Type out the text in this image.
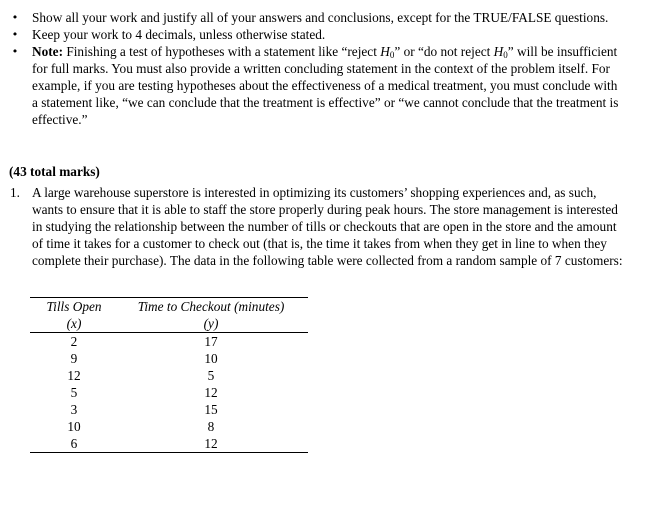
• Show all your work and justify all of your answers and conclusions, except for the TRUE/FALSE questions.

• Keep your work to 4 decimals, unless otherwise stated.

• Note: Finishing a test of hypotheses with a statement like “reject $H_0$” or “do not reject $H_0$” will be insufficient for full marks. You must also provide a written concluding statement in the context of the problem itself. For example, if you are testing hypotheses about the effectiveness of a medical treatment, you must conclude with a statement like, “we can conclude that the treatment is effective” or “we cannot conclude that the treatment is effective.”

(43 total marks)
1. A large warehouse superstore is interested in optimizing its customers’ shopping experiences and, as such, wants to ensure that it is able to staff the store properly during peak hours. The store management is interested in studying the relationship between the number of tills or checkouts that are open in the store and the amount of time it takes for a customer to check out (that is, the time it takes from when they get in line to when they complete their purchase). The data in the following table were collected from a random sample of 7 customers:

Tills Open
(x)
Time to Checkout (minutes)
(y)
2	17
9	10
12	5
5	12
3	15
10	8
6	12
